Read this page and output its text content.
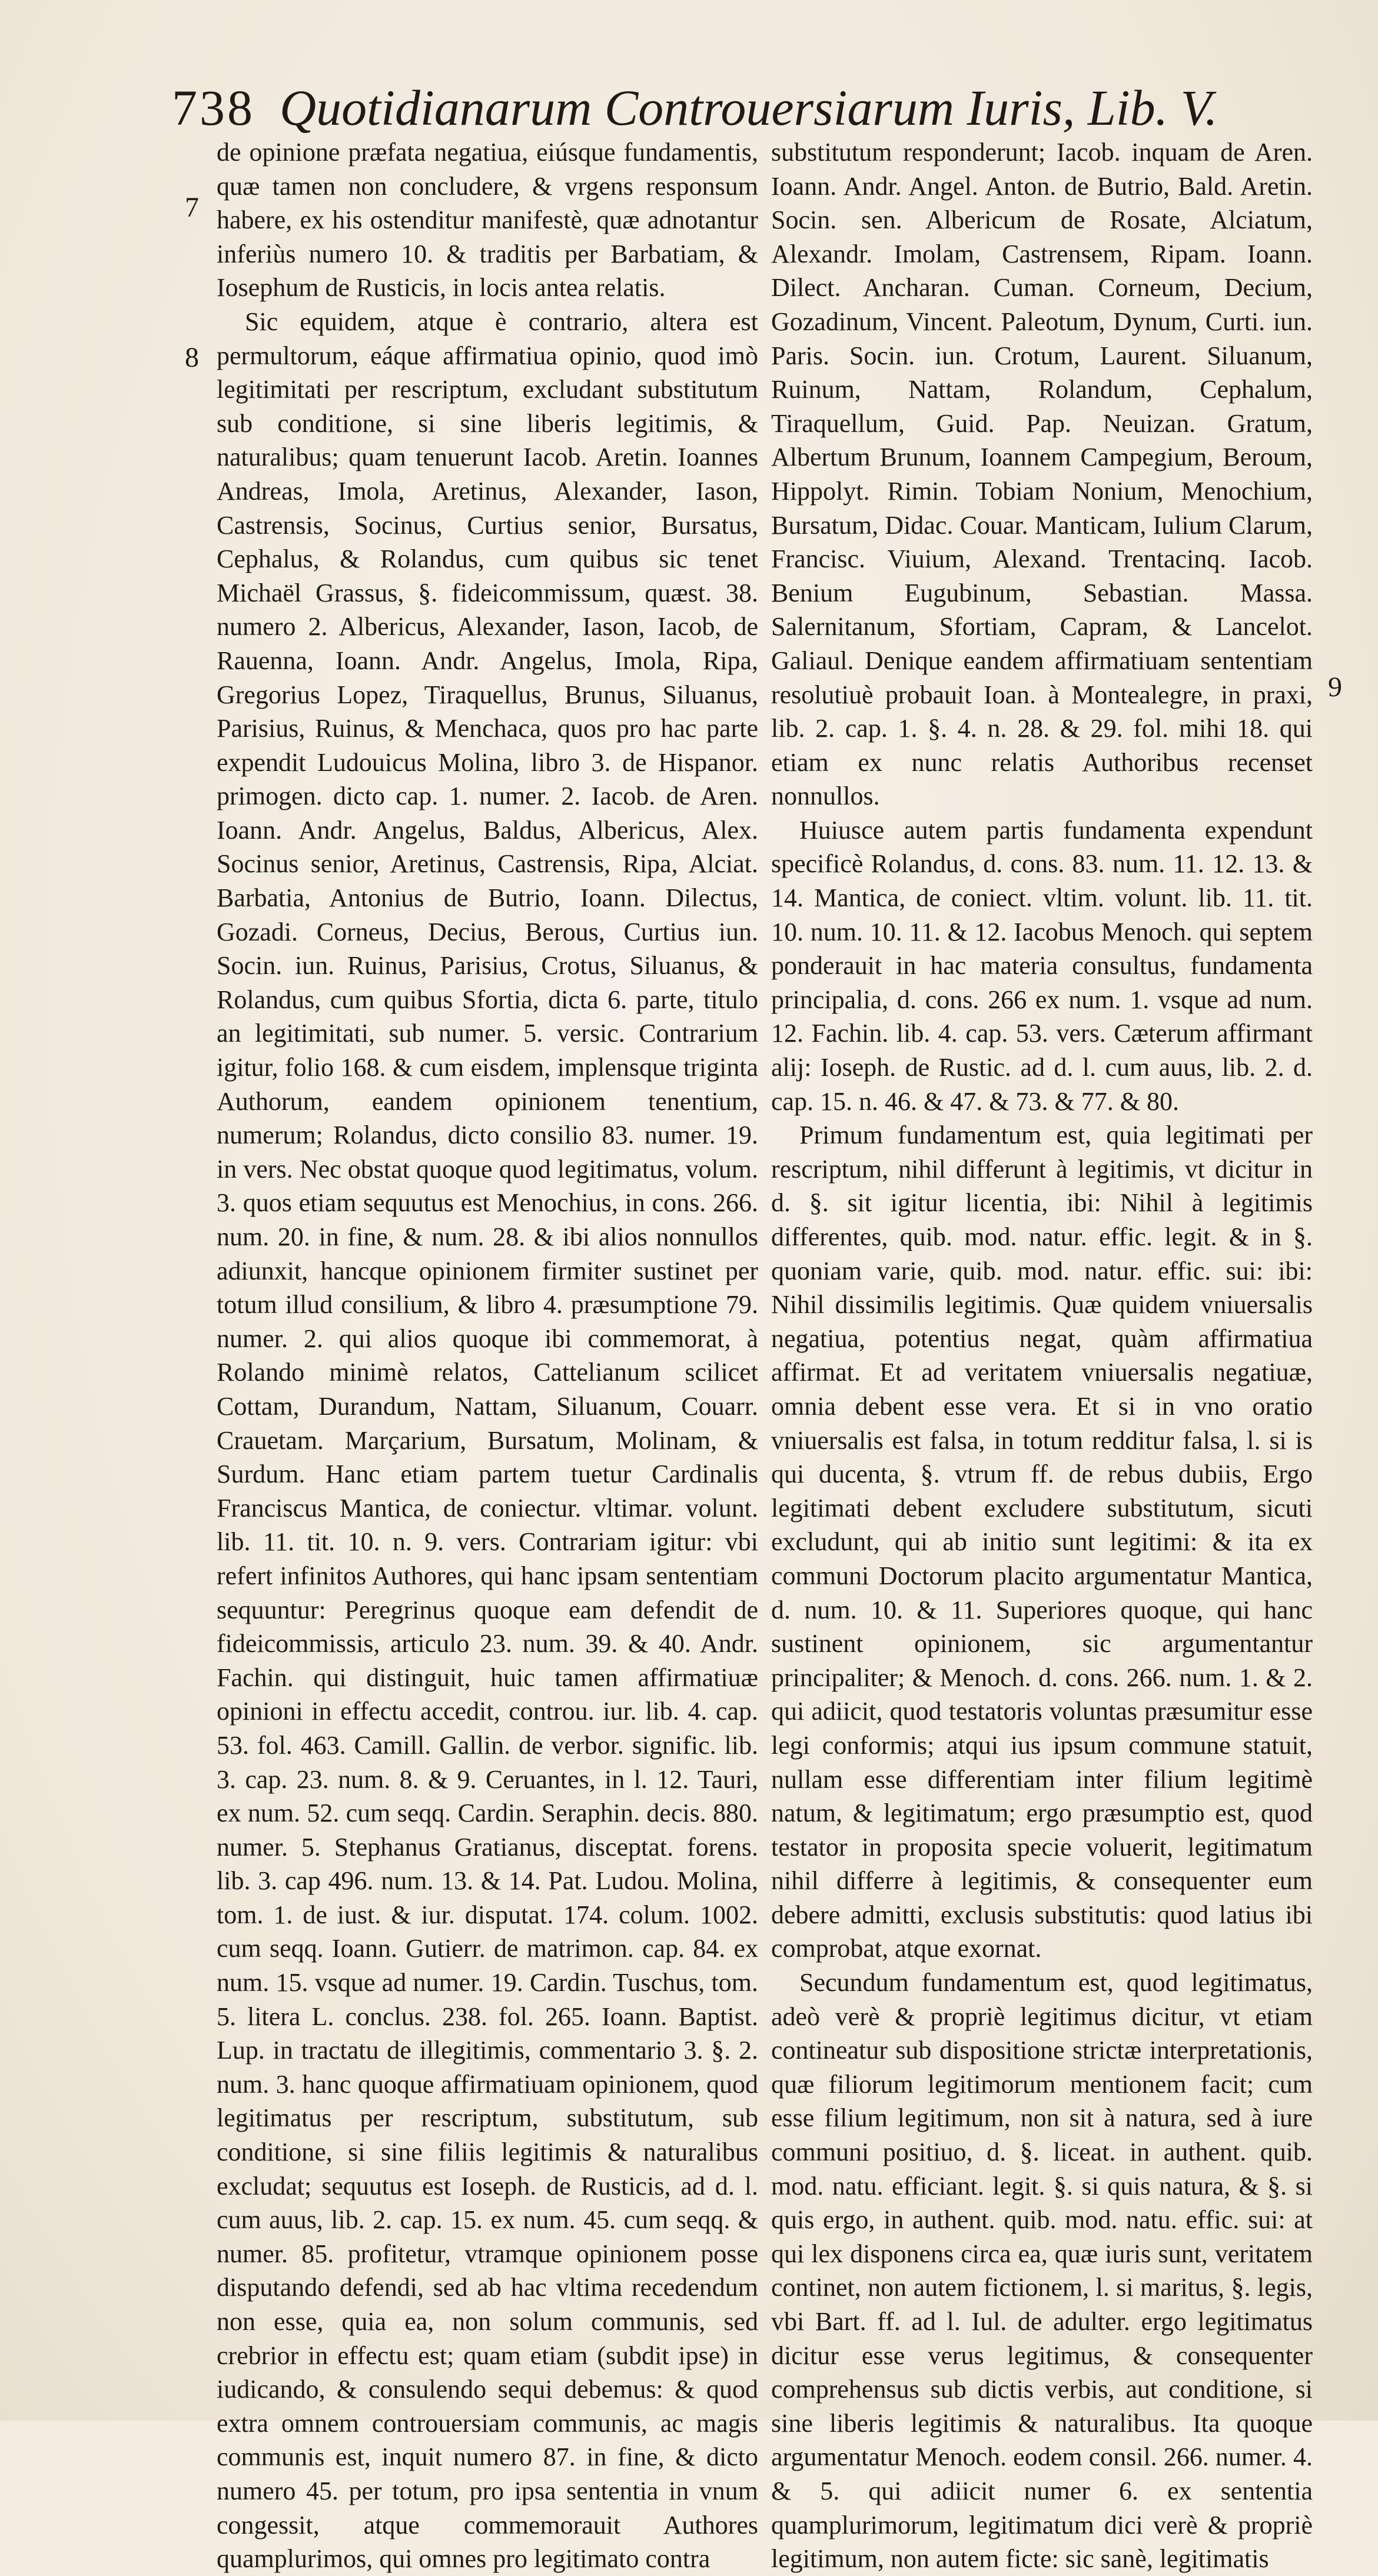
738 Quotidianarum Controuersiarum Iuris, Lib. V.
7
8
9

de opinione præfata negatiua, eiúsque fundamentis, quæ tamen non concludere, & vrgens responsum habere, ex his ostenditur manifestè, quæ adnotantur inferiùs numero 10. & traditis per Barbatiam, & Iosephum de Rusticis, in locis antea relatis.

Sic equidem, atque è contrario, altera est permultorum, eáque affirmatiua opinio, quod imò legitimitati per rescriptum, excludant substitutum sub conditione, si sine liberis legitimis, & naturalibus; quam tenuerunt Iacob. Aretin. Ioannes Andreas, Imola, Aretinus, Alexander, Iason, Castrensis, Socinus, Curtius senior, Bursatus, Cephalus, & Rolandus, cum quibus sic tenet Michaël Grassus, §. fideicommissum, quæst. 38. numero 2. Albericus, Alexander, Iason, Iacob, de Rauenna, Ioann. Andr. Angelus, Imola, Ripa, Gregorius Lopez, Tiraquellus, Brunus, Siluanus, Parisius, Ruinus, & Menchaca, quos pro hac parte expendit Ludouicus Molina, libro 3. de Hispanor. primogen. dicto cap. 1. numer. 2. Iacob. de Aren. Ioann. Andr. Angelus, Baldus, Albericus, Alex. Socinus senior, Aretinus, Castrensis, Ripa, Alciat. Barbatia, Antonius de Butrio, Ioann. Dilectus, Gozadi. Corneus, Decius, Berous, Curtius iun. Socin. iun. Ruinus, Parisius, Crotus, Siluanus, & Rolandus, cum quibus Sfortia, dicta 6. parte, titulo an legitimitati, sub numer. 5. versic. Contrarium igitur, folio 168. & cum eisdem, implensque triginta Authorum, eandem opinionem tenentium, numerum; Rolandus, dicto consilio 83. numer. 19. in vers. Nec obstat quoque quod legitimatus, volum. 3. quos etiam sequutus est Menochius, in cons. 266. num. 20. in fine, & num. 28. & ibi alios nonnullos adiunxit, hancque opinionem firmiter sustinet per totum illud consilium, & libro 4. præsumptione 79. numer. 2. qui alios quoque ibi commemorat, à Rolando minimè relatos, Cattelianum scilicet Cottam, Durandum, Nattam, Siluanum, Couarr. Crauetam. Marçarium, Bursatum, Molinam, & Surdum. Hanc etiam partem tuetur Cardinalis Franciscus Mantica, de coniectur. vltimar. volunt. lib. 11. tit. 10. n. 9. vers. Contrariam igitur: vbi refert infinitos Authores, qui hanc ipsam sententiam sequuntur: Peregrinus quoque eam defendit de fideicommissis, articulo 23. num. 39. & 40. Andr. Fachin. qui distinguit, huic tamen affirmatiuæ opinioni in effectu accedit, controu. iur. lib. 4. cap. 53. fol. 463. Camill. Gallin. de verbor. signific. lib. 3. cap. 23. num. 8. & 9. Ceruantes, in l. 12. Tauri, ex num. 52. cum seqq. Cardin. Seraphin. decis. 880. numer. 5. Stephanus Gratianus, disceptat. forens. lib. 3. cap 496. num. 13. & 14. Pat. Ludou. Molina, tom. 1. de iust. & iur. disputat. 174. colum. 1002. cum seqq. Ioann. Gutierr. de matrimon. cap. 84. ex num. 15. vsque ad numer. 19. Cardin. Tuschus, tom. 5. litera L. conclus. 238. fol. 265. Ioann. Baptist. Lup. in tractatu de illegitimis, commentario 3. §. 2. num. 3. hanc quoque affirmatiuam opinionem, quod legitimatus per rescriptum, substitutum, sub conditione, si sine filiis legitimis & naturalibus excludat; sequutus est Ioseph. de Rusticis, ad d. l. cum auus, lib. 2. cap. 15. ex num. 45. cum seqq. & numer. 85. profitetur, vtramque opinionem posse disputando defendi, sed ab hac vltima recedendum non esse, quia ea, non solum communis, sed crebrior in effectu est; quam etiam (subdit ipse) in iudicando, & consulendo sequi debemus: & quod extra omnem controuersiam communis, ac magis communis est, inquit numero 87. in fine, & dicto numero 45. per totum, pro ipsa sententia in vnum congessit, atque commemorauit Authores quamplurimos, qui omnes pro legitimato contra

substitutum responderunt; Iacob. inquam de Aren. Ioann. Andr. Angel. Anton. de Butrio, Bald. Aretin. Socin. sen. Albericum de Rosate, Alciatum, Alexandr. Imolam, Castrensem, Ripam. Ioann. Dilect. Ancharan. Cuman. Corneum, Decium, Gozadinum, Vincent. Paleotum, Dynum, Curti. iun. Paris. Socin. iun. Crotum, Laurent. Siluanum, Ruinum, Nattam, Rolandum, Cephalum, Tiraquellum, Guid. Pap. Neuizan. Gratum, Albertum Brunum, Ioannem Campegium, Beroum, Hippolyt. Rimin. Tobiam Nonium, Menochium, Bursatum, Didac. Couar. Manticam, Iulium Clarum, Francisc. Viuium, Alexand. Trentacinq. Iacob. Benium Eugubinum, Sebastian. Massa. Salernitanum, Sfortiam, Capram, & Lancelot. Galiaul. Denique eandem affirmatiuam sententiam resolutiuè probauit Ioan. à Montealegre, in praxi, lib. 2. cap. 1. §. 4. n. 28. & 29. fol. mihi 18. qui etiam ex nunc relatis Authoribus recenset nonnullos.

Huiusce autem partis fundamenta expendunt specificè Rolandus, d. cons. 83. num. 11. 12. 13. & 14. Mantica, de coniect. vltim. volunt. lib. 11. tit. 10. num. 10. 11. & 12. Iacobus Menoch. qui septem ponderauit in hac materia consultus, fundamenta principalia, d. cons. 266 ex num. 1. vsque ad num. 12. Fachin. lib. 4. cap. 53. vers. Cæterum affirmant alij: Ioseph. de Rustic. ad d. l. cum auus, lib. 2. d. cap. 15. n. 46. & 47. & 73. & 77. & 80.

Primum fundamentum est, quia legitimati per rescriptum, nihil differunt à legitimis, vt dicitur in d. §. sit igitur licentia, ibi: Nihil à legitimis differentes, quib. mod. natur. effic. legit. & in §. quoniam varie, quib. mod. natur. effic. sui: ibi: Nihil dissimilis legitimis. Quæ quidem vniuersalis negatiua, potentius negat, quàm affirmatiua affirmat. Et ad veritatem vniuersalis negatiuæ, omnia debent esse vera. Et si in vno oratio vniuersalis est falsa, in totum redditur falsa, l. si is qui ducenta, §. vtrum ff. de rebus dubiis, Ergo legitimati debent excludere substitutum, sicuti excludunt, qui ab initio sunt legitimi: & ita ex communi Doctorum placito argumentatur Mantica, d. num. 10. & 11. Superiores quoque, qui hanc sustinent opinionem, sic argumentantur principaliter; & Menoch. d. cons. 266. num. 1. & 2. qui adiicit, quod testatoris voluntas præsumitur esse legi conformis; atqui ius ipsum commune statuit, nullam esse differentiam inter filium legitimè natum, & legitimatum; ergo præsumptio est, quod testator in proposita specie voluerit, legitimatum nihil differre à legitimis, & consequenter eum debere admitti, exclusis substitutis: quod latius ibi comprobat, atque exornat.

Secundum fundamentum est, quod legitimatus, adeò verè & propriè legitimus dicitur, vt etiam contineatur sub dispositione strictæ interpretationis, quæ filiorum legitimorum mentionem facit; cum esse filium legitimum, non sit à natura, sed à iure communi positiuo, d. §. liceat. in authent. quib. mod. natu. efficiant. legit. §. si quis natura, & §. si quis ergo, in authent. quib. mod. natu. effic. sui: at qui lex disponens circa ea, quæ iuris sunt, veritatem continet, non autem fictionem, l. si maritus, §. legis, vbi Bart. ff. ad l. Iul. de adulter. ergo legitimatus dicitur esse verus legitimus, & consequenter comprehensus sub dictis verbis, aut conditione, si sine liberis legitimis & naturalibus. Ita quoque argumentatur Menoch. eodem consil. 266. numer. 4. & 5. qui adiicit numer 6. ex sententia quamplurimorum, legitimatum dici verè & propriè legitimum, non autem ficte: sic sanè, legitimatis
